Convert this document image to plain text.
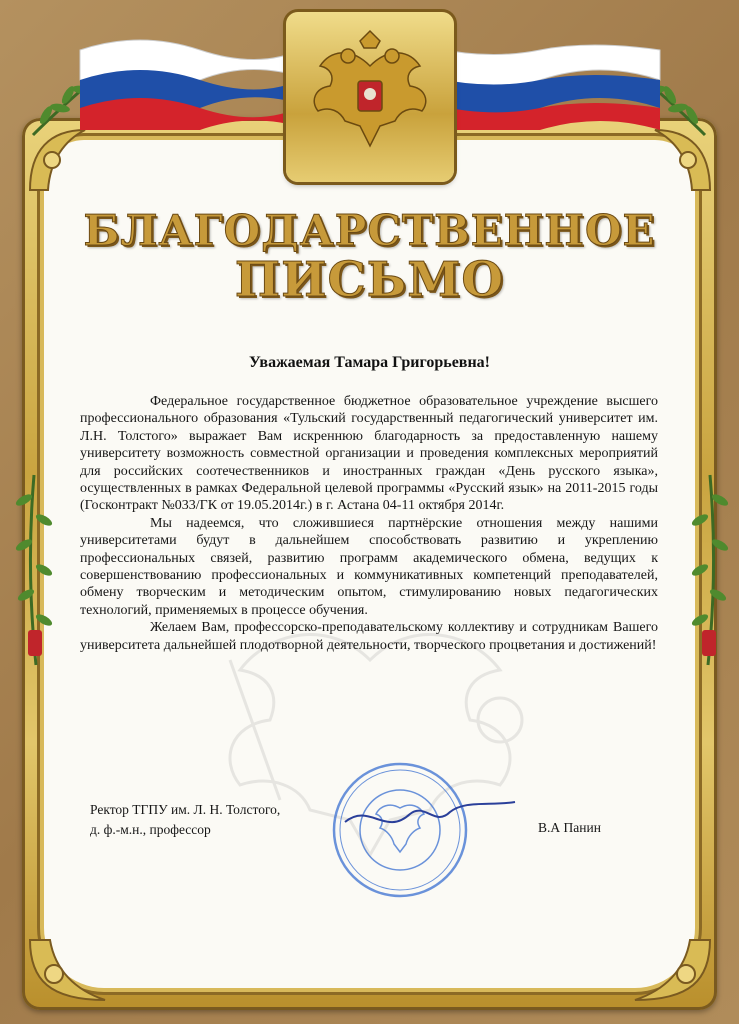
БЛАГОДАРСТВЕННОЕ
ПИСЬМО
Уважаемая Тамара Григорьевна!

Федеральное государственное бюджетное образовательное учреждение высшего профессионального образования «Тульский государственный педагогический университет им. Л.Н. Толстого» выражает Вам искреннюю благодарность за предоставленную нашему университету возможность совместной организации и проведения комплексных мероприятий для российских соотечественников и иностранных граждан «День русского языка», осуществленных в рамках Федеральной целевой программы «Русский язык» на 2011-2015 годы (Госконтракт №033/ГК от 19.05.2014г.) в г. Астана 04-11 октября 2014г.

Мы надеемся, что сложившиеся партнёрские отношения между нашими университетами будут в дальнейшем способствовать развитию и укреплению профессиональных связей, развитию программ академического обмена, ведущих к совершенствованию профессиональных и коммуникативных компетенций преподавателей, обмену творческим и методическим опытом, стимулированию новых педагогических технологий, применяемых в процессе обучения.

Желаем Вам, профессорско-преподавательскому коллективу и сотрудникам Вашего университета дальнейшей плодотворной деятельности, творческого процветания и достижений!

Ректор ТГПУ им. Л. Н. Толстого,
д. ф.-м.н., профессор	В.А Панин
